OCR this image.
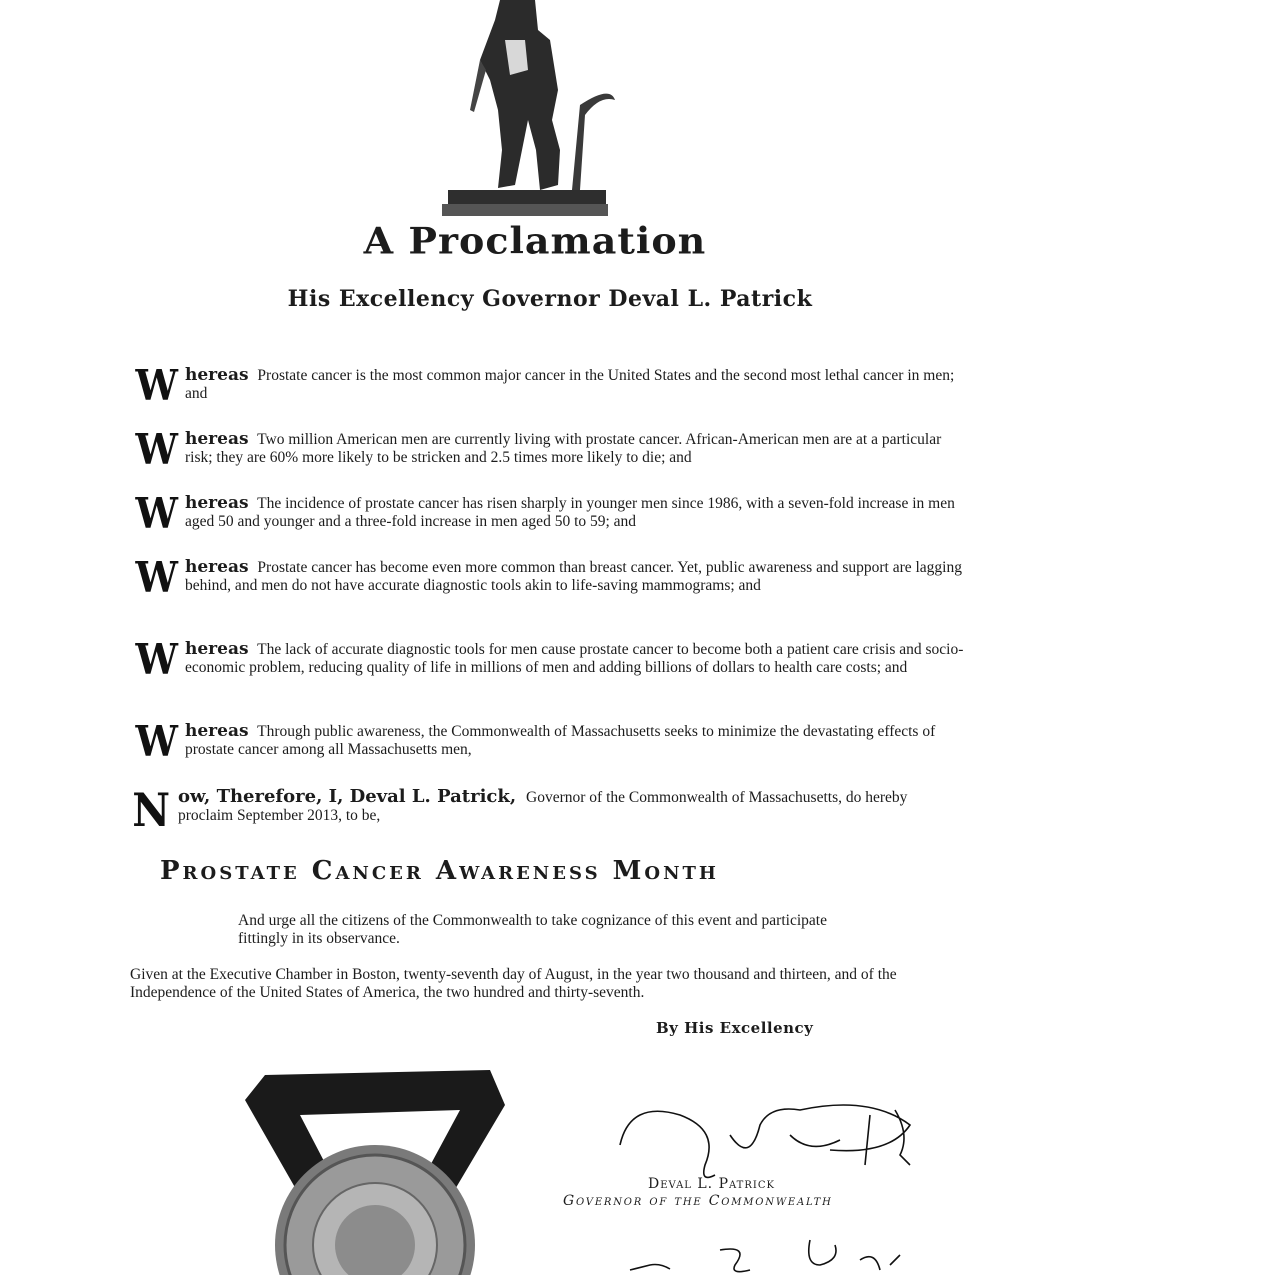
A Proclamation
His Excellency Governor Deval L. Patrick
W hereas Prostate cancer is the most common major cancer in the United States and the second most lethal cancer in men; and
W hereas Two million American men are currently living with prostate cancer. African-American men are at a particular risk; they are 60% more likely to be stricken and 2.5 times more likely to die; and
W hereas The incidence of prostate cancer has risen sharply in younger men since 1986, with a seven-fold increase in men aged 50 and younger and a three-fold increase in men aged 50 to 59; and
W hereas Prostate cancer has become even more common than breast cancer. Yet, public awareness and support are lagging behind, and men do not have accurate diagnostic tools akin to life-saving mammograms; and
W hereas The lack of accurate diagnostic tools for men cause prostate cancer to become both a patient care crisis and socio-economic problem, reducing quality of life in millions of men and adding billions of dollars to health care costs; and
W hereas Through public awareness, the Commonwealth of Massachusetts seeks to minimize the devastating effects of prostate cancer among all Massachusetts men,
N ow, Therefore, I, Deval L. Patrick, Governor of the Commonwealth of Massachusetts, do hereby proclaim September 2013, to be,
Prostate Cancer Awareness Month
And urge all the citizens of the Commonwealth to take cognizance of this event and participate fittingly in its observance.
Given at the Executive Chamber in Boston, twenty-seventh day of August, in the year two thousand and thirteen, and of the Independence of the United States of America, the two hundred and thirty-seventh.
By His Excellency
Deval L. Patrick
Governor of the Commonwealth
